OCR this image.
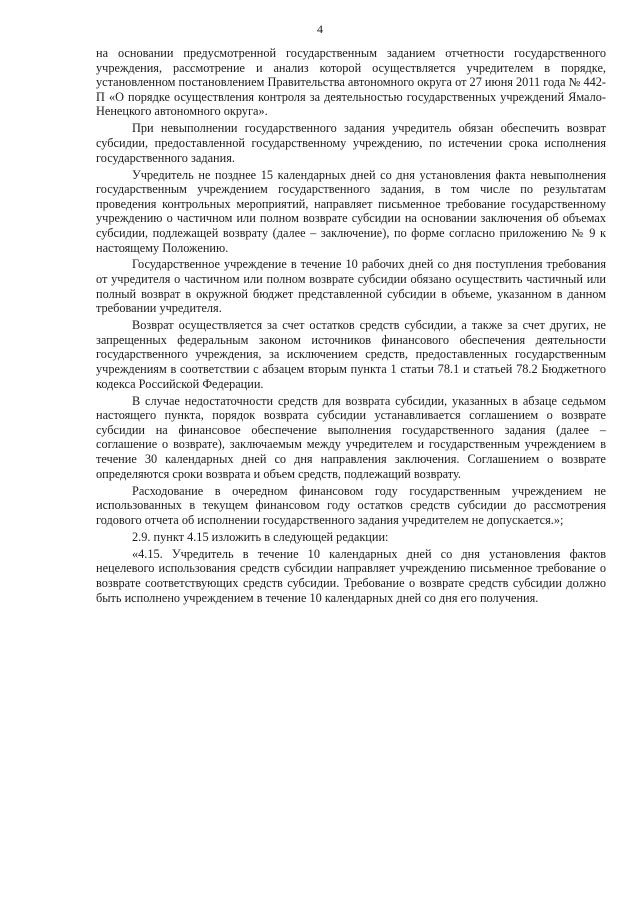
4

на основании предусмотренной государственным заданием отчетности государственного учреждения, рассмотрение и анализ которой осуществляется учредителем в порядке, установленном постановлением Правительства автономного округа от 27 июня 2011 года № 442-П «О порядке осуществления контроля за деятельностью государственных учреждений Ямало-Ненецкого автономного округа».

При невыполнении государственного задания учредитель обязан обеспечить возврат субсидии, предоставленной государственному учреждению, по истечении срока исполнения государственного задания.

Учредитель не позднее 15 календарных дней со дня установления факта невыполнения государственным учреждением государственного задания, в том числе по результатам проведения контрольных мероприятий, направляет письменное требование государственному учреждению о частичном или полном возврате субсидии на основании заключения об объемах субсидии, подлежащей возврату (далее – заключение), по форме согласно приложению № 9 к настоящему Положению.

Государственное учреждение в течение 10 рабочих дней со дня поступления требования от учредителя о частичном или полном возврате субсидии обязано осуществить частичный или полный возврат в окружной бюджет представленной субсидии в объеме, указанном в данном требовании учредителя.

Возврат осуществляется за счет остатков средств субсидии, а также за счет других, не запрещенных федеральным законом источников финансового обеспечения деятельности государственного учреждения, за исключением средств, предоставленных государственным учреждениям в соответствии с абзацем вторым пункта 1 статьи 78.1 и статьей 78.2 Бюджетного кодекса Российской Федерации.

В случае недостаточности средств для возврата субсидии, указанных в абзаце седьмом настоящего пункта, порядок возврата субсидии устанавливается соглашением о возврате субсидии на финансовое обеспечение выполнения государственного задания (далее – соглашение о возврате), заключаемым между учредителем и государственным учреждением в течение 30 календарных дней со дня направления заключения. Соглашением о возврате определяются сроки возврата и объем средств, подлежащий возврату.

Расходование в очередном финансовом году государственным учреждением не использованных в текущем финансовом году остатков средств субсидии до рассмотрения годового отчета об исполнении государственного задания учредителем не допускается.»;

2.9. пункт 4.15 изложить в следующей редакции:

«4.15. Учредитель в течение 10 календарных дней со дня установления фактов нецелевого использования средств субсидии направляет учреждению письменное требование о возврате соответствующих средств субсидии. Требование о возврате средств субсидии должно быть исполнено учреждением в течение 10 календарных дней со дня его получения.
